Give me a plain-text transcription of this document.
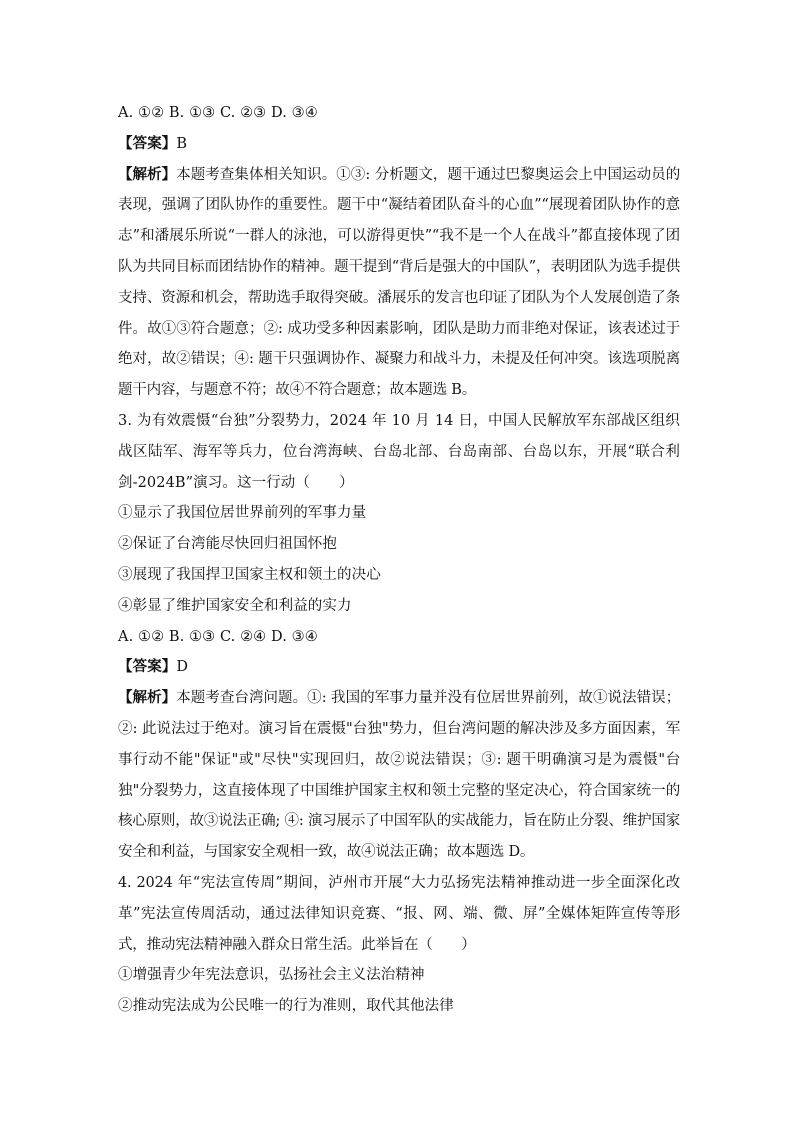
A. ①② B. ①③ C. ②③ D. ③④
【答案】B
【解析】本题考查集体相关知识。①③: 分析题文，题干通过巴黎奥运会上中国运动员的表现，强调了团队协作的重要性。题干中“凝结着团队奋斗的心血”“展现着团队协作的意志”和潘展乐所说“一群人的泳池，可以游得更快”“我不是一个人在战斗”都直接体现了团队为共同目标而团结协作的精神。题干提到“背后是强大的中国队”，表明团队为选手提供支持、资源和机会，帮助选手取得突破。潘展乐的发言也印证了团队为个人发展创造了条件。故①③符合题意；②: 成功受多种因素影响，团队是助力而非绝对保证，该表述过于绝对，故②错误；④: 题干只强调协作、凝聚力和战斗力，未提及任何冲突。该选项脱离题干内容，与题意不符；故④不符合题意；故本题选 B。
3. 为有效震慑“台独”分裂势力，2024 年 10 月 14 日，中国人民解放军东部战区组织战区陆军、海军等兵力，位台湾海峡、台岛北部、台岛南部、台岛以东，开展“联合利剑-2024B”演习。这一行动（　　）
①显示了我国位居世界前列的军事力量
②保证了台湾能尽快回归祖国怀抱
③展现了我国捍卫国家主权和领土的决心
④彰显了维护国家安全和利益的实力
A. ①② B. ①③ C. ②④ D. ③④
【答案】D
【解析】本题考查台湾问题。①: 我国的军事力量并没有位居世界前列，故①说法错误；②: 此说法过于绝对。演习旨在震慑"台独"势力，但台湾问题的解决涉及多方面因素，军事行动不能"保证"或"尽快"实现回归，故②说法错误；③: 题干明确演习是为震慑"台独"分裂势力，这直接体现了中国维护国家主权和领土完整的坚定决心，符合国家统一的核心原则，故③说法正确; ④: 演习展示了中国军队的实战能力，旨在防止分裂、维护国家安全和利益，与国家安全观相一致，故④说法正确；故本题选 D。
4. 2024 年“宪法宣传周”期间，泸州市开展“大力弘扬宪法精神推动进一步全面深化改革”宪法宣传周活动，通过法律知识竞赛、“报、网、端、微、屏”全媒体矩阵宣传等形式，推动宪法精神融入群众日常生活。此举旨在（　　）
①增强青少年宪法意识，弘扬社会主义法治精神
②推动宪法成为公民唯一的行为准则，取代其他法律
